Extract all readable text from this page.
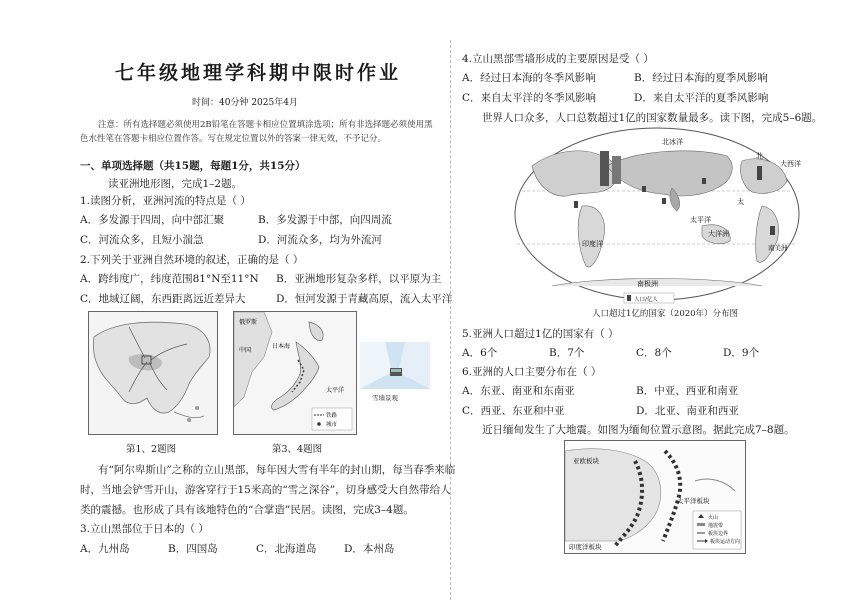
七年级地理学科期中限时作业
时间：40分钟 2025年4月
注意：所有选择题必须使用2B铅笔在答题卡相应位置填涂选项；所有非选择题必须使用黑
色水性笔在答题卡相应位置作答。写在规定位置以外的答案一律无效，不予记分。
一、单项选择题（共15题，每题1分，共15分）
读亚洲地形图，完成1–2题。
1.读图分析，亚洲河流的特点是（ ）
A．多发源于四周，向中部汇聚	B．多发源于中部，向四周流
C．河流众多，且短小湍急	D．河流众多，均为外流河
2.下列关于亚洲自然环境的叙述，正确的是（ ）
A．跨纬度广，纬度范围81°N至11°N B．亚洲地形复杂多样，以平原为主
C．地域辽阔，东西距离远近差异大	D．恒河发源于青藏高原，流入太平洋
俄罗斯
中国
日本海
太平洋
铁路
城市
雪墙景观
第1、2题图	第3、4题图
有“阿尔卑斯山”之称的立山黑部，每年因大雪有半年的封山期，每当春季来临
时，当地会铲雪开山，游客穿行于15米高的“雪之深谷”，切身感受大自然带给人
类的震撼。也形成了具有该地特色的“合掌造”民居。读图，完成3–4题。
3.立山黑部位于日本的（ ）
A．九州岛	B．四国岛	C．北海道岛	D．本州岛
4.立山黑部雪墙形成的主要原因是受（ ）
A．经过日本海的冬季风影响	B．经过日本海的夏季风影响
C．来自太平洋的冬季风影响	D．来自太平洋的夏季风影响
世界人口众多，人口总数超过1亿的国家数量最多。读下图，完成5–6题。
北冰洋
太
太平洋
大西洋
印度洋
大洋洲
北
南美洲
南极洲
人口/亿人
人口超过1亿的国家（2020年）分布图
5.亚洲人口超过1亿的国家有（ ）
A．6个	B．7个	C．8个	D．9个
6.亚洲的人口主要分布在（ ）
A．东亚、南亚和东南亚	B．中亚、西亚和南亚
C．西亚、东亚和中亚	D．北亚、南亚和西亚
近日缅甸发生了大地震。如图为缅甸位置示意图。据此完成7–8题。
亚欧板块
太平洋板块
印度洋板块
火山
地震带
板块边界
板块运动方向
